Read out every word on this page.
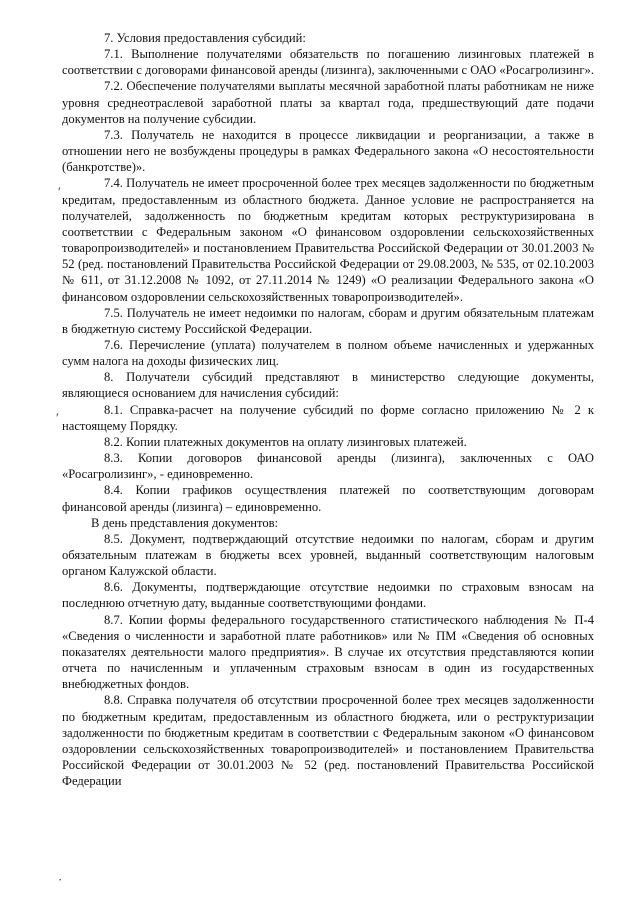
7. Условия предоставления субсидий:

7.1. Выполнение получателями обязательств по погашению лизинговых платежей в соответствии с договорами финансовой аренды (лизинга), заключенными с ОАО «Росагролизинг».

7.2. Обеспечение получателями выплаты месячной заработной платы работникам не ниже уровня среднеотраслевой заработной платы за квартал года, предшествующий дате подачи документов на получение субсидии.

7.3. Получатель не находится в процессе ликвидации и реорганизации, а также в отношении него не возбуждены процедуры в рамках Федерального закона «О несостоятельности (банкротстве)».

7.4. Получатель не имеет просроченной более трех месяцев задолженности по бюджетным кредитам, предоставленным из областного бюджета. Данное условие не распространяется на получателей, задолженность по бюджетным кредитам которых реструктуризирована в соответствии с Федеральным законом «О финансовом оздоровлении сельскохозяйственных товаропроизводителей» и постановлением Правительства Российской Федерации от 30.01.2003 № 52 (ред. постановлений Правительства Российской Федерации от 29.08.2003, № 535, от 02.10.2003 № 611, от 31.12.2008 № 1092, от 27.11.2014 № 1249) «О реализации Федерального закона «О финансовом оздоровлении сельскохозяйственных товаропроизводителей».

7.5. Получатель не имеет недоимки по налогам, сборам и другим обязательным платежам в бюджетную систему Российской Федерации.

7.6. Перечисление (уплата) получателем в полном объеме начисленных и удержанных сумм налога на доходы физических лиц.

8. Получатели субсидий представляют в министерство следующие документы, являющиеся основанием для начисления субсидий:

8.1. Справка-расчет на получение субсидий по форме согласно приложению № 2 к настоящему Порядку.

8.2. Копии платежных документов на оплату лизинговых платежей.

8.3. Копии договоров финансовой аренды (лизинга), заключенных с ОАО «Росагролизинг», - единовременно.

8.4. Копии графиков осуществления платежей по соответствующим договорам финансовой аренды (лизинга) – единовременно.

В день представления документов:

8.5. Документ, подтверждающий отсутствие недоимки по налогам, сборам и другим обязательным платежам в бюджеты всех уровней, выданный соответствующим налоговым органом Калужской области.

8.6. Документы, подтверждающие отсутствие недоимки по страховым взносам на последнюю отчетную дату, выданные соответствующими фондами.

8.7. Копии формы федерального государственного статистического наблюдения № П-4 «Сведения о численности и заработной плате работников» или № ПМ «Сведения об основных показателях деятельности малого предприятия». В случае их отсутствия представляются копии отчета по начисленным и уплаченным страховым взносам в один из государственных внебюджетных фондов.

8.8. Справка получателя об отсутствии просроченной более трех месяцев задолженности по бюджетным кредитам, предоставленным из областного бюджета, или о реструктуризации задолженности по бюджетным кредитам в соответствии с Федеральным законом «О финансовом оздоровлении сельскохозяйственных товаропроизводителей» и постановлением Правительства Российской Федерации от 30.01.2003 № 52 (ред. постановлений Правительства Российской Федерации

′
′
·
